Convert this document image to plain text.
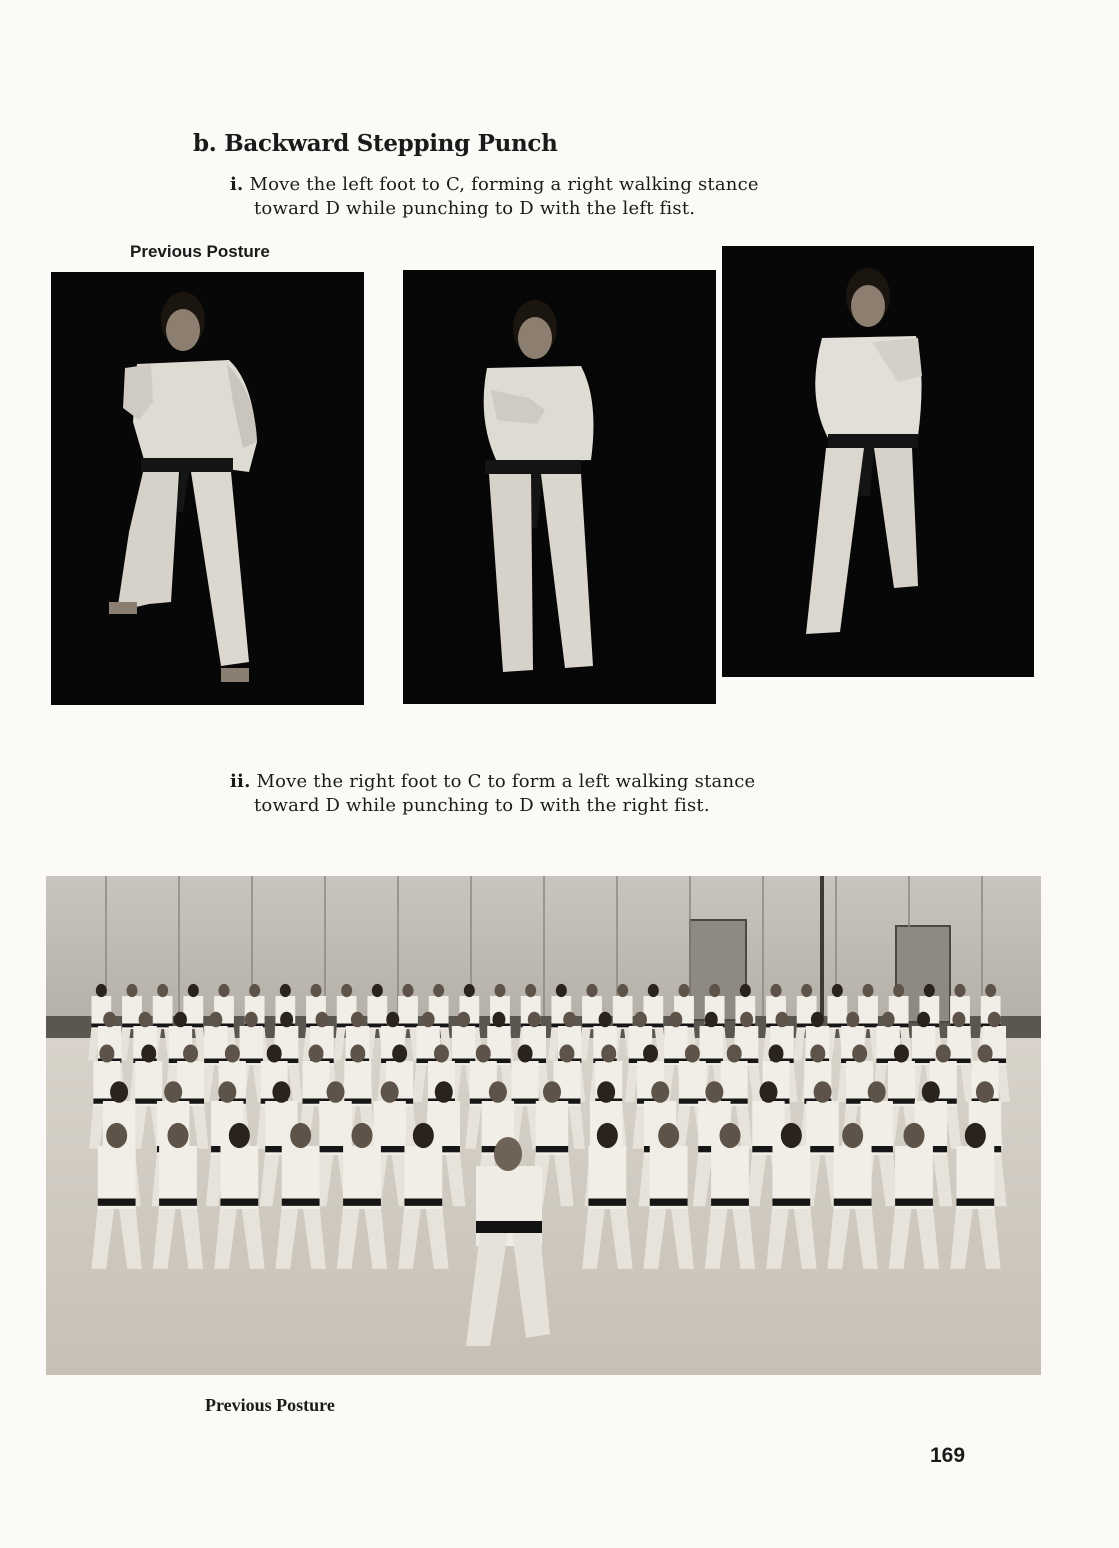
b. Backward Stepping Punch
i. Move the left foot to C, forming a right walking stance
toward D while punching to D with the left fist.
Previous Posture
ii. Move the right foot to C to form a left walking stance
toward D while punching to D with the right fist.
Previous Posture
169
